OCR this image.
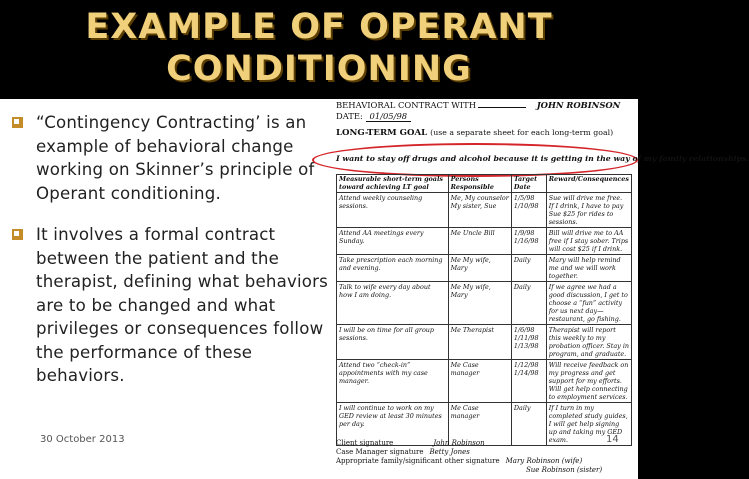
EXAMPLE OF OPERANT
CONDITIONING
“Contingency Contracting’ is an example of behavioral change working on Skinner’s principle of Operant conditioning.
It involves a formal contract between the patient and the therapist, defining what behaviors are to be changed and what privileges or consequences follow the performance of these behaviors.
BEHAVIORAL CONTRACT WITH	JOHN ROBINSON
DATE: 01/05/98
LONG-TERM GOAL (use a separate sheet for each long-term goal)
I want to stay off drugs and alcohol because it is getting in the way of my family relationships.
Measurable short-term goals toward achieving LT goal	Persons Responsible	Target Date	Reward/Consequences
Attend weekly counseling sessions.	Me, My counselor My sister, Sue	1/5/98 1/10/98	Sue will drive me free. If I drink, I have to pay Sue $25 for rides to sessions.
Attend AA meetings every Sunday.	Me Uncle Bill	1/9/98 1/16/98	Bill will drive me to AA free if I stay sober. Trips will cost $25 if I drink.
Take prescription each morning and evening.	Me My wife, Mary	Daily	Mary will help remind me and we will work together.
Talk to wife every day about how I am doing.	Me My wife, Mary	Daily	If we agree we had a good discussion, I get to choose a “fun” activity for us next day—restaurant, go fishing.
I will be on time for all group sessions.	Me Therapist	1/6/98 1/11/98 1/13/98	Therapist will report this weekly to my probation officer. Stay in program, and graduate.
Attend two “check-in” appointments with my case manager.	Me Case manager	1/12/98 1/14/98	Will receive feedback on my progress and get support for my efforts. Will get help connecting to employment services.
I will continue to work on my GED review at least 30 minutes per day.	Me Case manager	Daily	If I turn in my completed study guides, I will get help signing up and taking my GED exam.
Client signature	John Robinson
Case Manager signature Betty Jones
Appropriate family/significant other signature Mary Robinson (wife)
Sue Robinson (sister)
30 October 2013	14
